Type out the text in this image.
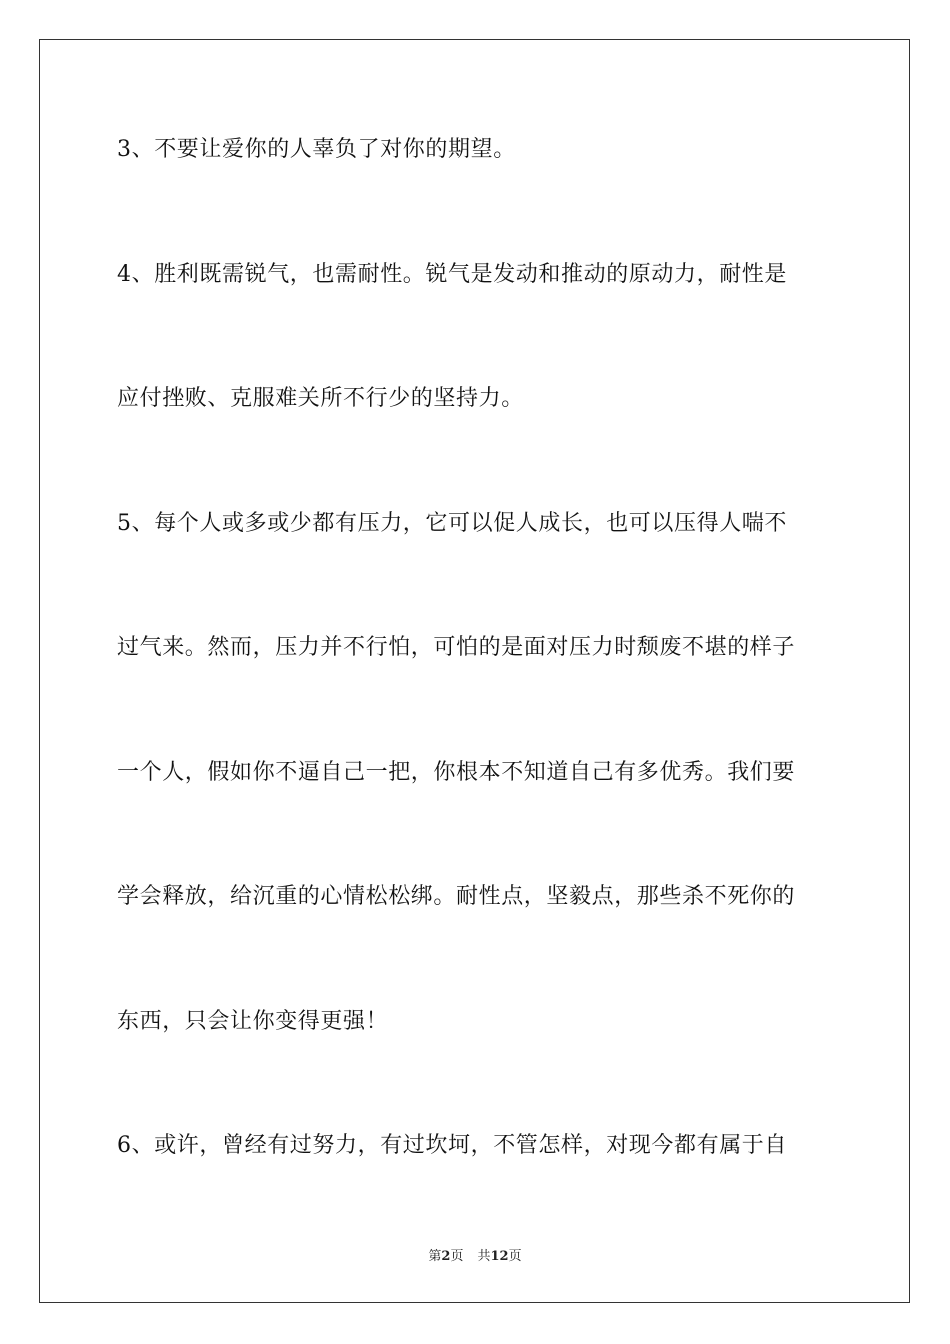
3、不要让爱你的人辜负了对你的期望。
4、胜利既需锐气，也需耐性。锐气是发动和推动的原动力，耐性是
应付挫败、克服难关所不行少的坚持力。
5、每个人或多或少都有压力，它可以促人成长，也可以压得人喘不
过气来。然而，压力并不行怕，可怕的是面对压力时颓废不堪的样子
一个人，假如你不逼自己一把，你根本不知道自己有多优秀。我们要
学会释放，给沉重的心情松松绑。耐性点，坚毅点，那些杀不死你的
东西，只会让你变得更强！
6、或许，曾经有过努力，有过坎坷，不管怎样，对现今都有属于自
第2页 共12页
